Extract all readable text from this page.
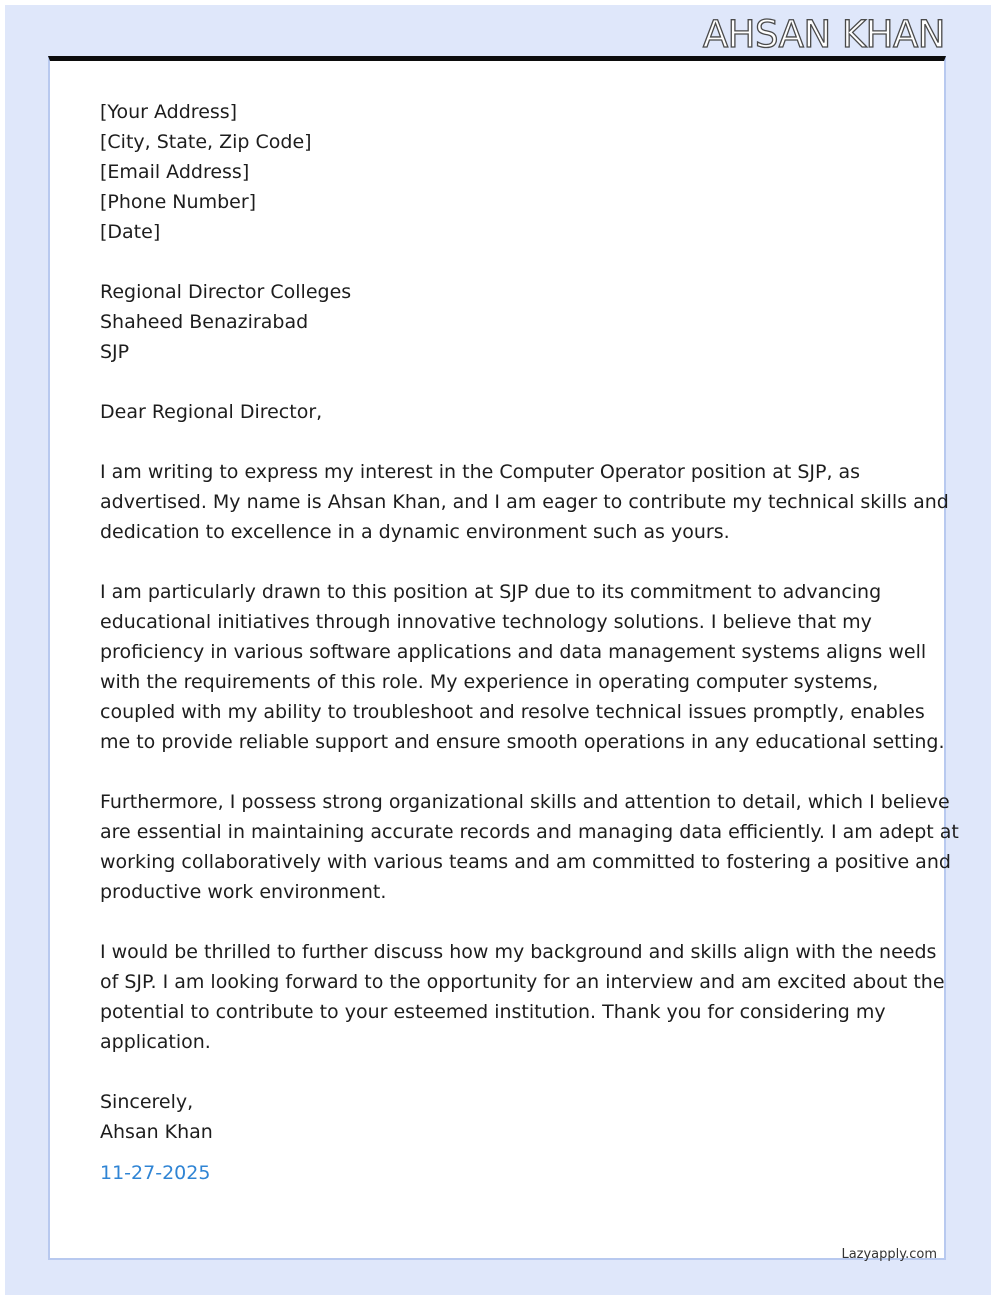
AHSAN KHAN

[Your Address]
[City, State, Zip Code]
[Email Address]
[Phone Number]
[Date]

Regional Director Colleges
Shaheed Benazirabad
SJP

Dear Regional Director,

I am writing to express my interest in the Computer Operator position at SJP, as
advertised. My name is Ahsan Khan, and I am eager to contribute my technical skills and
dedication to excellence in a dynamic environment such as yours.

I am particularly drawn to this position at SJP due to its commitment to advancing
educational initiatives through innovative technology solutions. I believe that my
proficiency in various software applications and data management systems aligns well
with the requirements of this role. My experience in operating computer systems,
coupled with my ability to troubleshoot and resolve technical issues promptly, enables
me to provide reliable support and ensure smooth operations in any educational setting.

Furthermore, I possess strong organizational skills and attention to detail, which I believe
are essential in maintaining accurate records and managing data efficiently. I am adept at
working collaboratively with various teams and am committed to fostering a positive and
productive work environment.

I would be thrilled to further discuss how my background and skills align with the needs
of SJP. I am looking forward to the opportunity for an interview and am excited about the
potential to contribute to your esteemed institution. Thank you for considering my
application.

Sincerely,
Ahsan Khan

11-27-2025
Lazyapply.com
